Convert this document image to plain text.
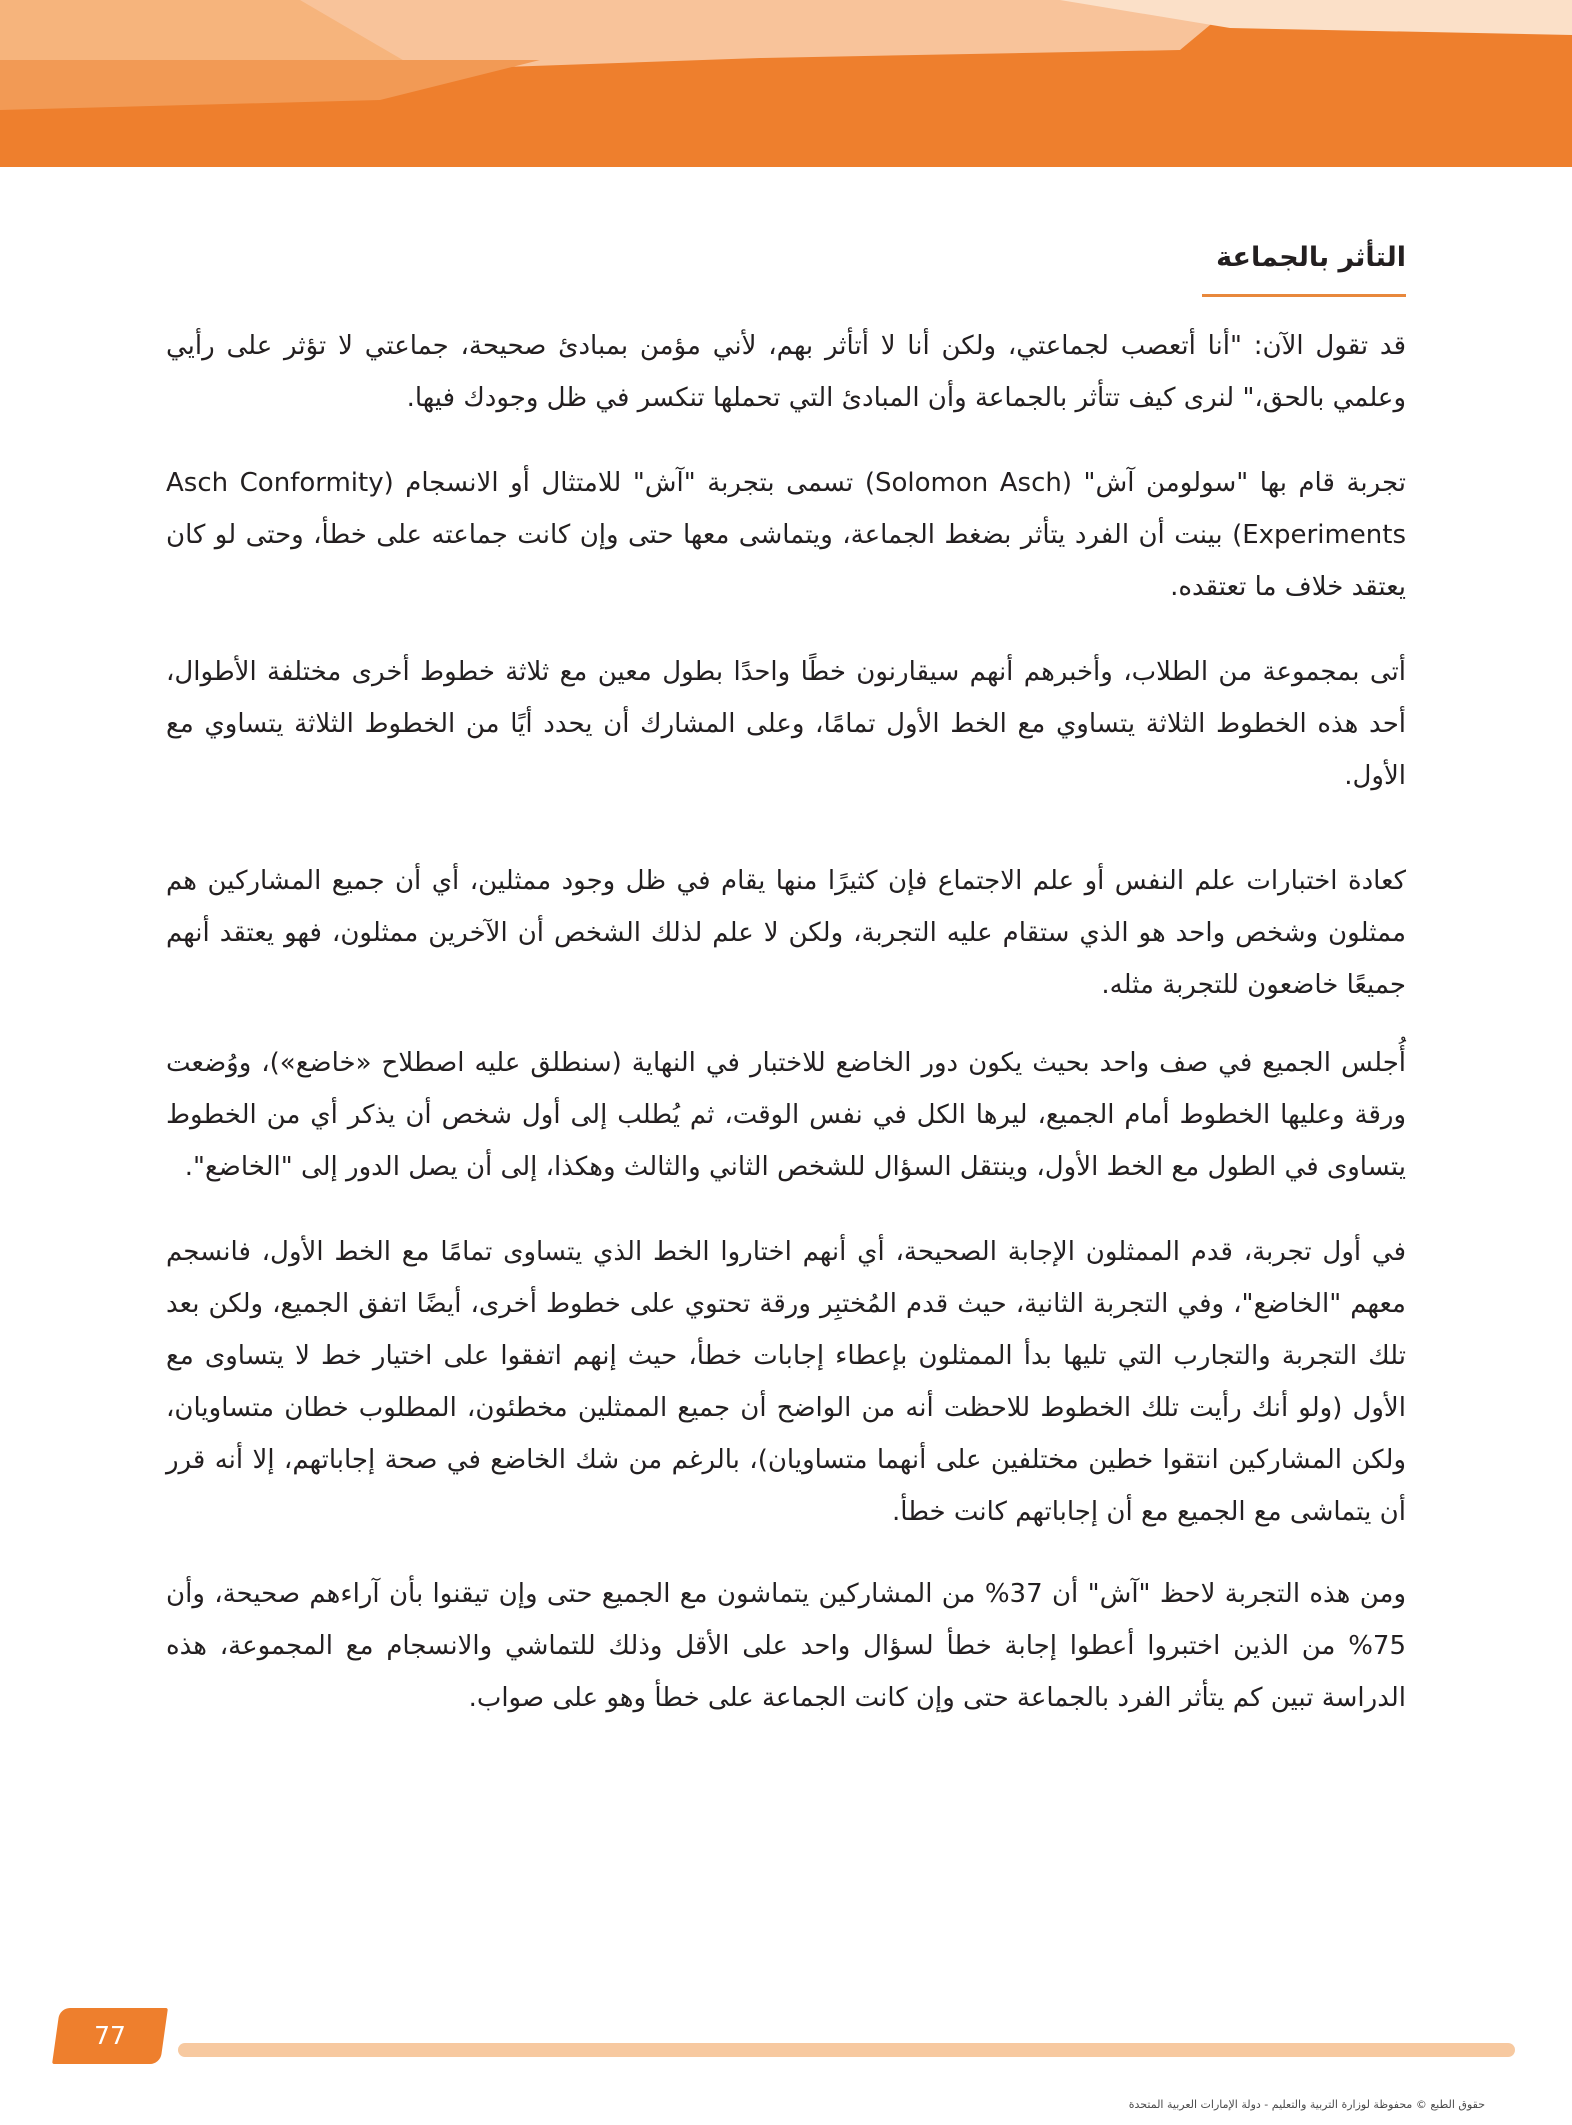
التأثر بالجماعة

قد تقول الآن: "أنا أتعصب لجماعتي، ولكن أنا لا أتأثر بهم، لأني مؤمن بمبادئ صحيحة، جماعتي لا تؤثر على رأيي وعلمي بالحق،" لنرى كيف تتأثر بالجماعة وأن المبادئ التي تحملها تنكسر في ظل وجودك فيها.

تجربة قام بها "سولومن آش" (Solomon Asch) تسمى بتجربة "آش" للامتثال أو الانسجام (Asch Conformity Experiments) بينت أن الفرد يتأثر بضغط الجماعة، ويتماشى معها حتى وإن كانت جماعته على خطأ، وحتى لو كان يعتقد خلاف ما تعتقده.

أتى بمجموعة من الطلاب، وأخبرهم أنهم سيقارنون خطًا واحدًا بطول معين مع ثلاثة خطوط أخرى مختلفة الأطوال، أحد هذه الخطوط الثلاثة يتساوي مع الخط الأول تمامًا، وعلى المشارك أن يحدد أيًا من الخطوط الثلاثة يتساوي مع الأول.

كعادة اختبارات علم النفس أو علم الاجتماع فإن كثيرًا منها يقام في ظل وجود ممثلين، أي أن جميع المشاركين هم ممثلون وشخص واحد هو الذي ستقام عليه التجربة، ولكن لا علم لذلك الشخص أن الآخرين ممثلون، فهو يعتقد أنهم جميعًا خاضعون للتجربة مثله.

أُجلس الجميع في صف واحد بحيث يكون دور الخاضع للاختبار في النهاية (سنطلق عليه اصطلاح «خاضع»)، ووُضعت ورقة وعليها الخطوط أمام الجميع، ليرها الكل في نفس الوقت، ثم يُطلب إلى أول شخص أن يذكر أي من الخطوط يتساوى في الطول مع الخط الأول، وينتقل السؤال للشخص الثاني والثالث وهكذا، إلى أن يصل الدور إلى "الخاضع".

في أول تجربة، قدم الممثلون الإجابة الصحيحة، أي أنهم اختاروا الخط الذي يتساوى تمامًا مع الخط الأول، فانسجم معهم "الخاضع"، وفي التجربة الثانية، حيث قدم المُختبِر ورقة تحتوي على خطوط أخرى، أيضًا اتفق الجميع، ولكن بعد تلك التجربة والتجارب التي تليها بدأ الممثلون بإعطاء إجابات خطأ، حيث إنهم اتفقوا على اختيار خط لا يتساوى مع الأول (ولو أنك رأيت تلك الخطوط للاحظت أنه من الواضح أن جميع الممثلين مخطئون، المطلوب خطان متساويان، ولكن المشاركين انتقوا خطين مختلفين على أنهما متساويان)، بالرغم من شك الخاضع في صحة إجاباتهم، إلا أنه قرر أن يتماشى مع الجميع مع أن إجاباتهم كانت خطأ.

ومن هذه التجربة لاحظ "آش" أن 37% من المشاركين يتماشون مع الجميع حتى وإن تيقنوا بأن آراءهم صحيحة، وأن 75% من الذين اختبروا أعطوا إجابة خطأ لسؤال واحد على الأقل وذلك للتماشي والانسجام مع المجموعة، هذه الدراسة تبين كم يتأثر الفرد بالجماعة حتى وإن كانت الجماعة على خطأ وهو على صواب.

77
حقوق الطبع © محفوظة لوزارة التربية والتعليم - دولة الإمارات العربية المتحدة
